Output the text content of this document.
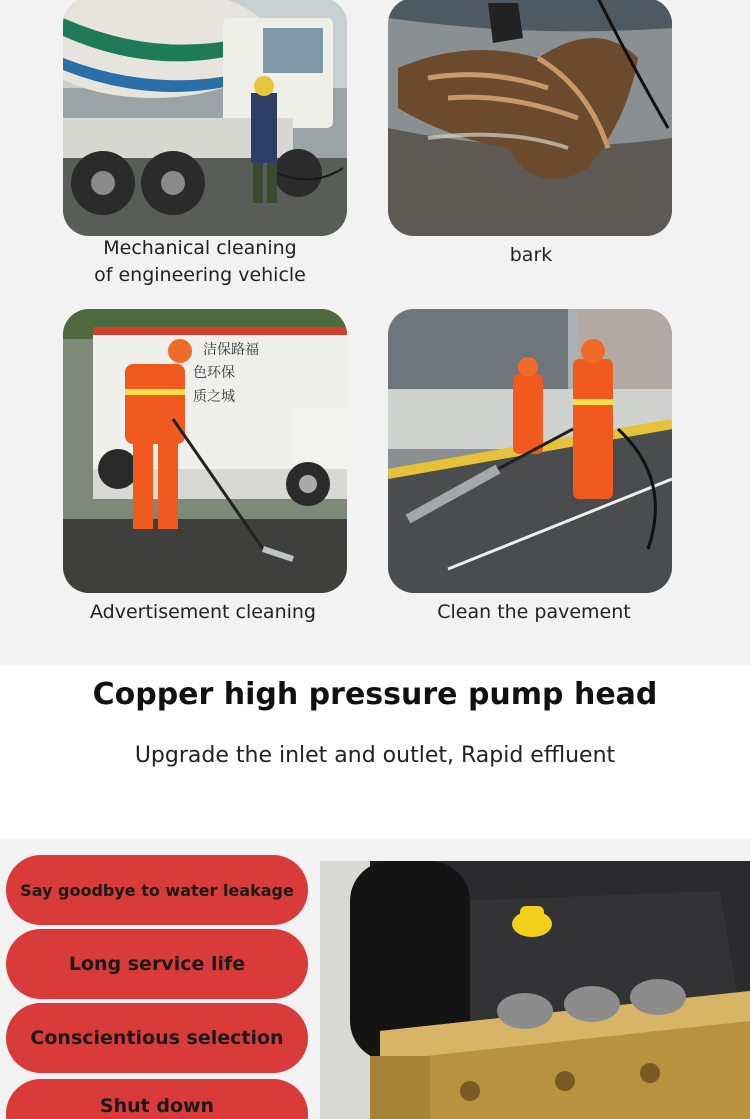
Mechanical cleaning
of engineering vehicle
bark
洁保路福
色环保
质之城
Advertisement cleaning	Clean the pavement
Copper high pressure pump head
Upgrade the inlet and outlet, Rapid effluent
Say goodbye to water leakage
Long service life
Conscientious selection
Shut down
